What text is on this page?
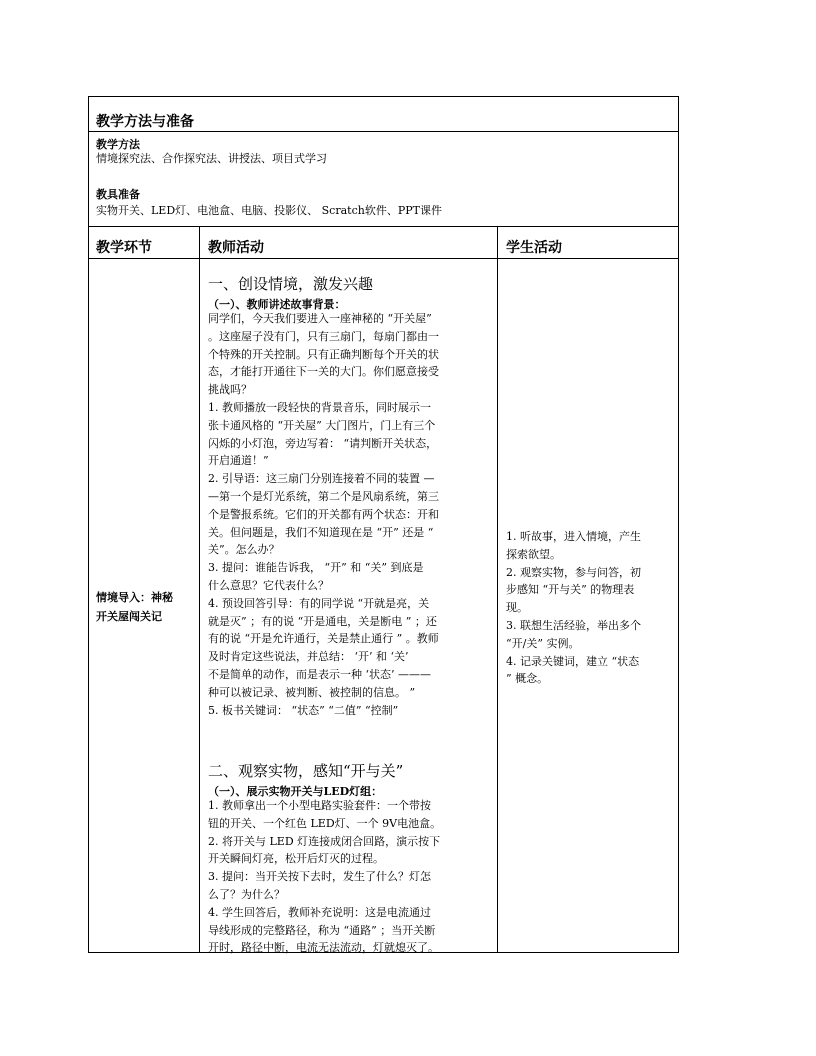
教学方法与准备
教学方法
情境探究法、合作探究法、讲授法、项目式学习
教具准备
实物开关、LED灯、电池盒、电脑、投影仪、 Scratch软件、PPT课件
教学环节	教师活动	学生活动
情境导入：神秘
开关屋闯关记
一、创设情境，激发兴趣
（一）、教师讲述故事背景：
同学们，今天我们要进入一座神秘的 “开关屋”
。这座屋子没有门，只有三扇门，每扇门都由一
个特殊的开关控制。只有正确判断每个开关的状
态，才能打开通往下一关的大门。你们愿意接受
挑战吗？
1. 教师播放一段轻快的背景音乐，同时展示一
张卡通风格的 “开关屋” 大门图片，门上有三个
闪烁的小灯泡，旁边写着： “请判断开关状态，
开启通道！”
2. 引导语：这三扇门分别连接着不同的装置 —
—第一个是灯光系统，第二个是风扇系统，第三
个是警报系统。它们的开关都有两个状态：开和
关。但问题是，我们不知道现在是 “开” 还是 “
关”。怎么办？
3. 提问：谁能告诉我， “开” 和 “关” 到底是
什么意思？它代表什么？
4. 预设回答引导：有的同学说 “开就是亮，关
就是灭” ；有的说 “开是通电，关是断电 ” ；还
有的说 “开是允许通行，关是禁止通行 ” 。教师
及时肯定这些说法，并总结： ‘开’ 和 ‘关’
不是简单的动作，而是表示一种 ‘状态’ ———
种可以被记录、被判断、被控制的信息。 ”
5. 板书关键词： “状态” “二值” “控制”
二、观察实物，感知“开与关”
（一）、展示实物开关与LED灯组：
1. 教师拿出一个小型电路实验套件：一个带按
钮的开关、一个红色 LED灯、一个 9V电池盒。
2. 将开关与 LED 灯连接成闭合回路，演示按下
开关瞬间灯亮，松开后灯灭的过程。
3. 提问：当开关按下去时，发生了什么？灯怎
么了？为什么？
4. 学生回答后，教师补充说明：这是电流通过
导线形成的完整路径，称为 “通路” ；当开关断
开时，路径中断，电流无法流动，灯就熄灭了。
1. 听故事，进入情境，产生
探索欲望。
2. 观察实物，参与问答，初
步感知 “开与关” 的物理表
现。
3. 联想生活经验，举出多个
“开/关” 实例。
4. 记录关键词，建立 “状态
” 概念。
